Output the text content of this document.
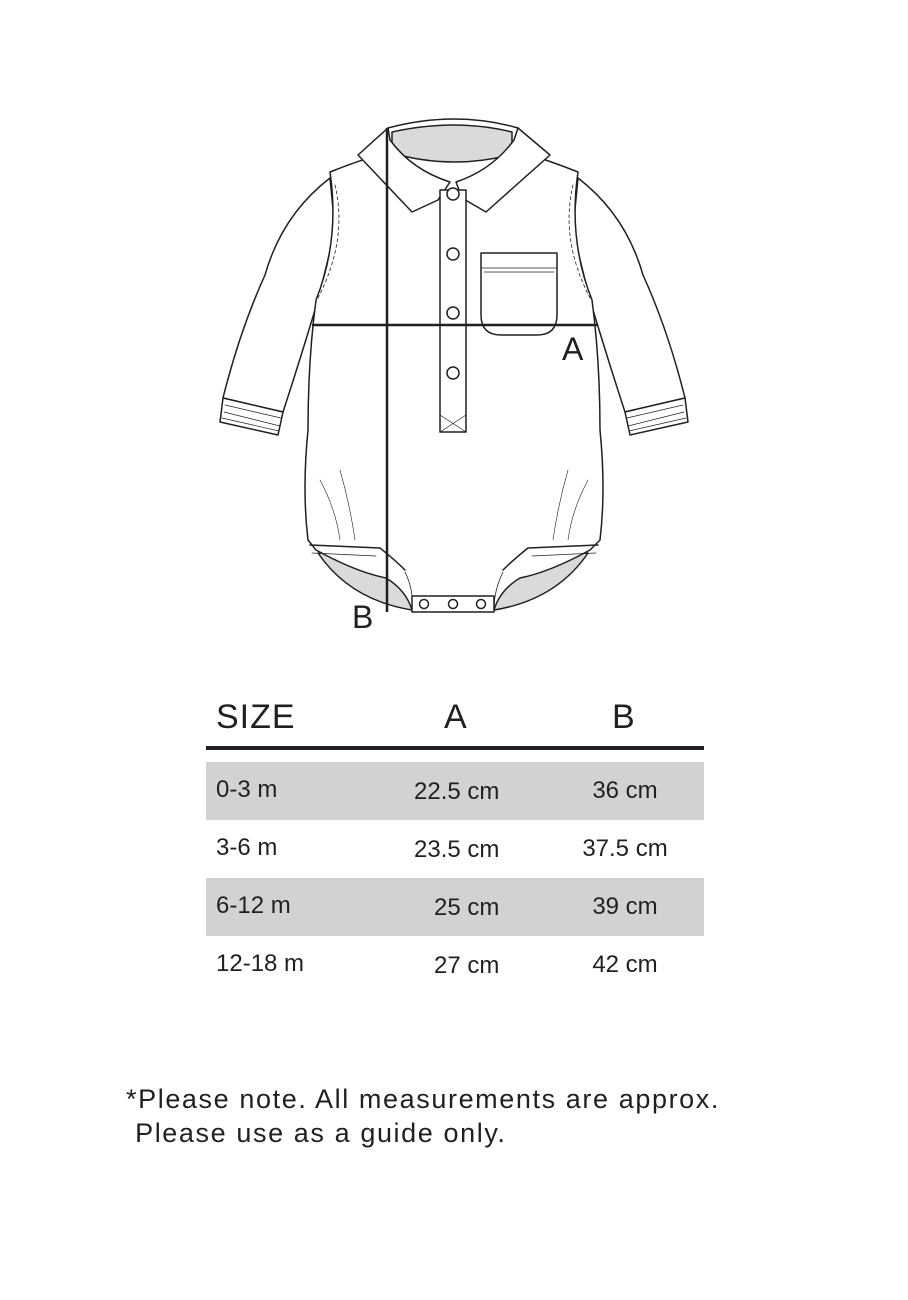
A
B
SIZE	A	B
0-3 m	22.5 cm	36 cm
3-6 m	23.5 cm	37.5 cm
6-12 m	25 cm	39 cm
12-18 m	27 cm	42 cm
*Please note. All measurements are approx.
Please use as a guide only.
